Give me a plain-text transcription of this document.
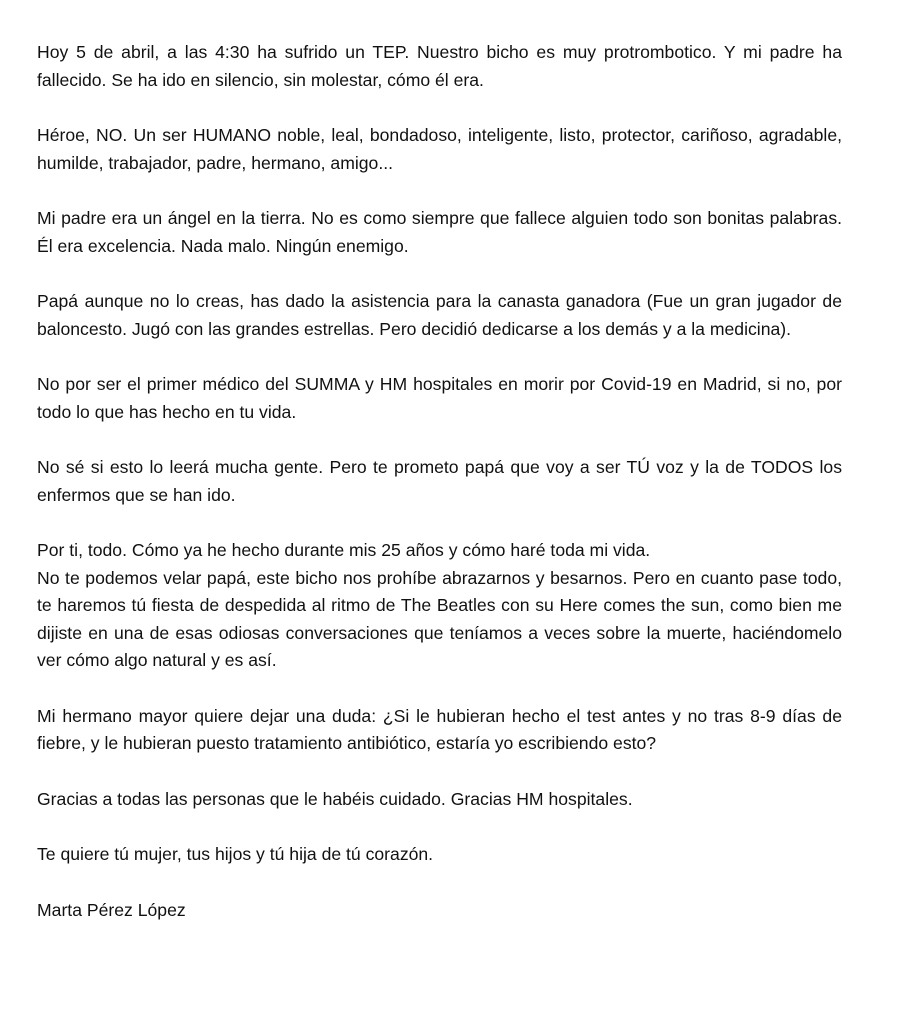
Hoy 5 de abril, a las 4:30 ha sufrido un TEP. Nuestro bicho es muy protrombotico. Y mi padre ha fallecido. Se ha ido en silencio, sin molestar, cómo él era.

Héroe, NO. Un ser HUMANO noble, leal, bondadoso, inteligente, listo, protector, cariñoso, agradable, humilde, trabajador, padre, hermano, amigo...

Mi padre era un ángel en la tierra. No es como siempre que fallece alguien todo son bonitas palabras. Él era excelencia. Nada malo. Ningún enemigo.

Papá aunque no lo creas, has dado la asistencia para la canasta ganadora (Fue un gran jugador de baloncesto. Jugó con las grandes estrellas. Pero decidió dedicarse a los demás y a la medicina).

No por ser el primer médico del SUMMA y HM hospitales en morir por Covid-19 en Madrid, si no, por todo lo que has hecho en tu vida.

No sé si esto lo leerá mucha gente. Pero te prometo papá que voy a ser TÚ voz y la de TODOS los enfermos que se han ido.

Por ti, todo. Cómo ya he hecho durante mis 25 años y cómo haré toda mi vida.

No te podemos velar papá, este bicho nos prohíbe abrazarnos y besarnos. Pero en cuanto pase todo, te haremos tú fiesta de despedida al ritmo de The Beatles con su Here comes the sun, como bien me dijiste en una de esas odiosas conversaciones que teníamos a veces sobre la muerte, haciéndomelo ver cómo algo natural y es así.

Mi hermano mayor quiere dejar una duda: ¿Si le hubieran hecho el test antes y no tras 8-9 días de fiebre, y le hubieran puesto tratamiento antibiótico, estaría yo escribiendo esto?

Gracias a todas las personas que le habéis cuidado. Gracias HM hospitales.

Te quiere tú mujer, tus hijos y tú hija de tú corazón.

Marta Pérez López
